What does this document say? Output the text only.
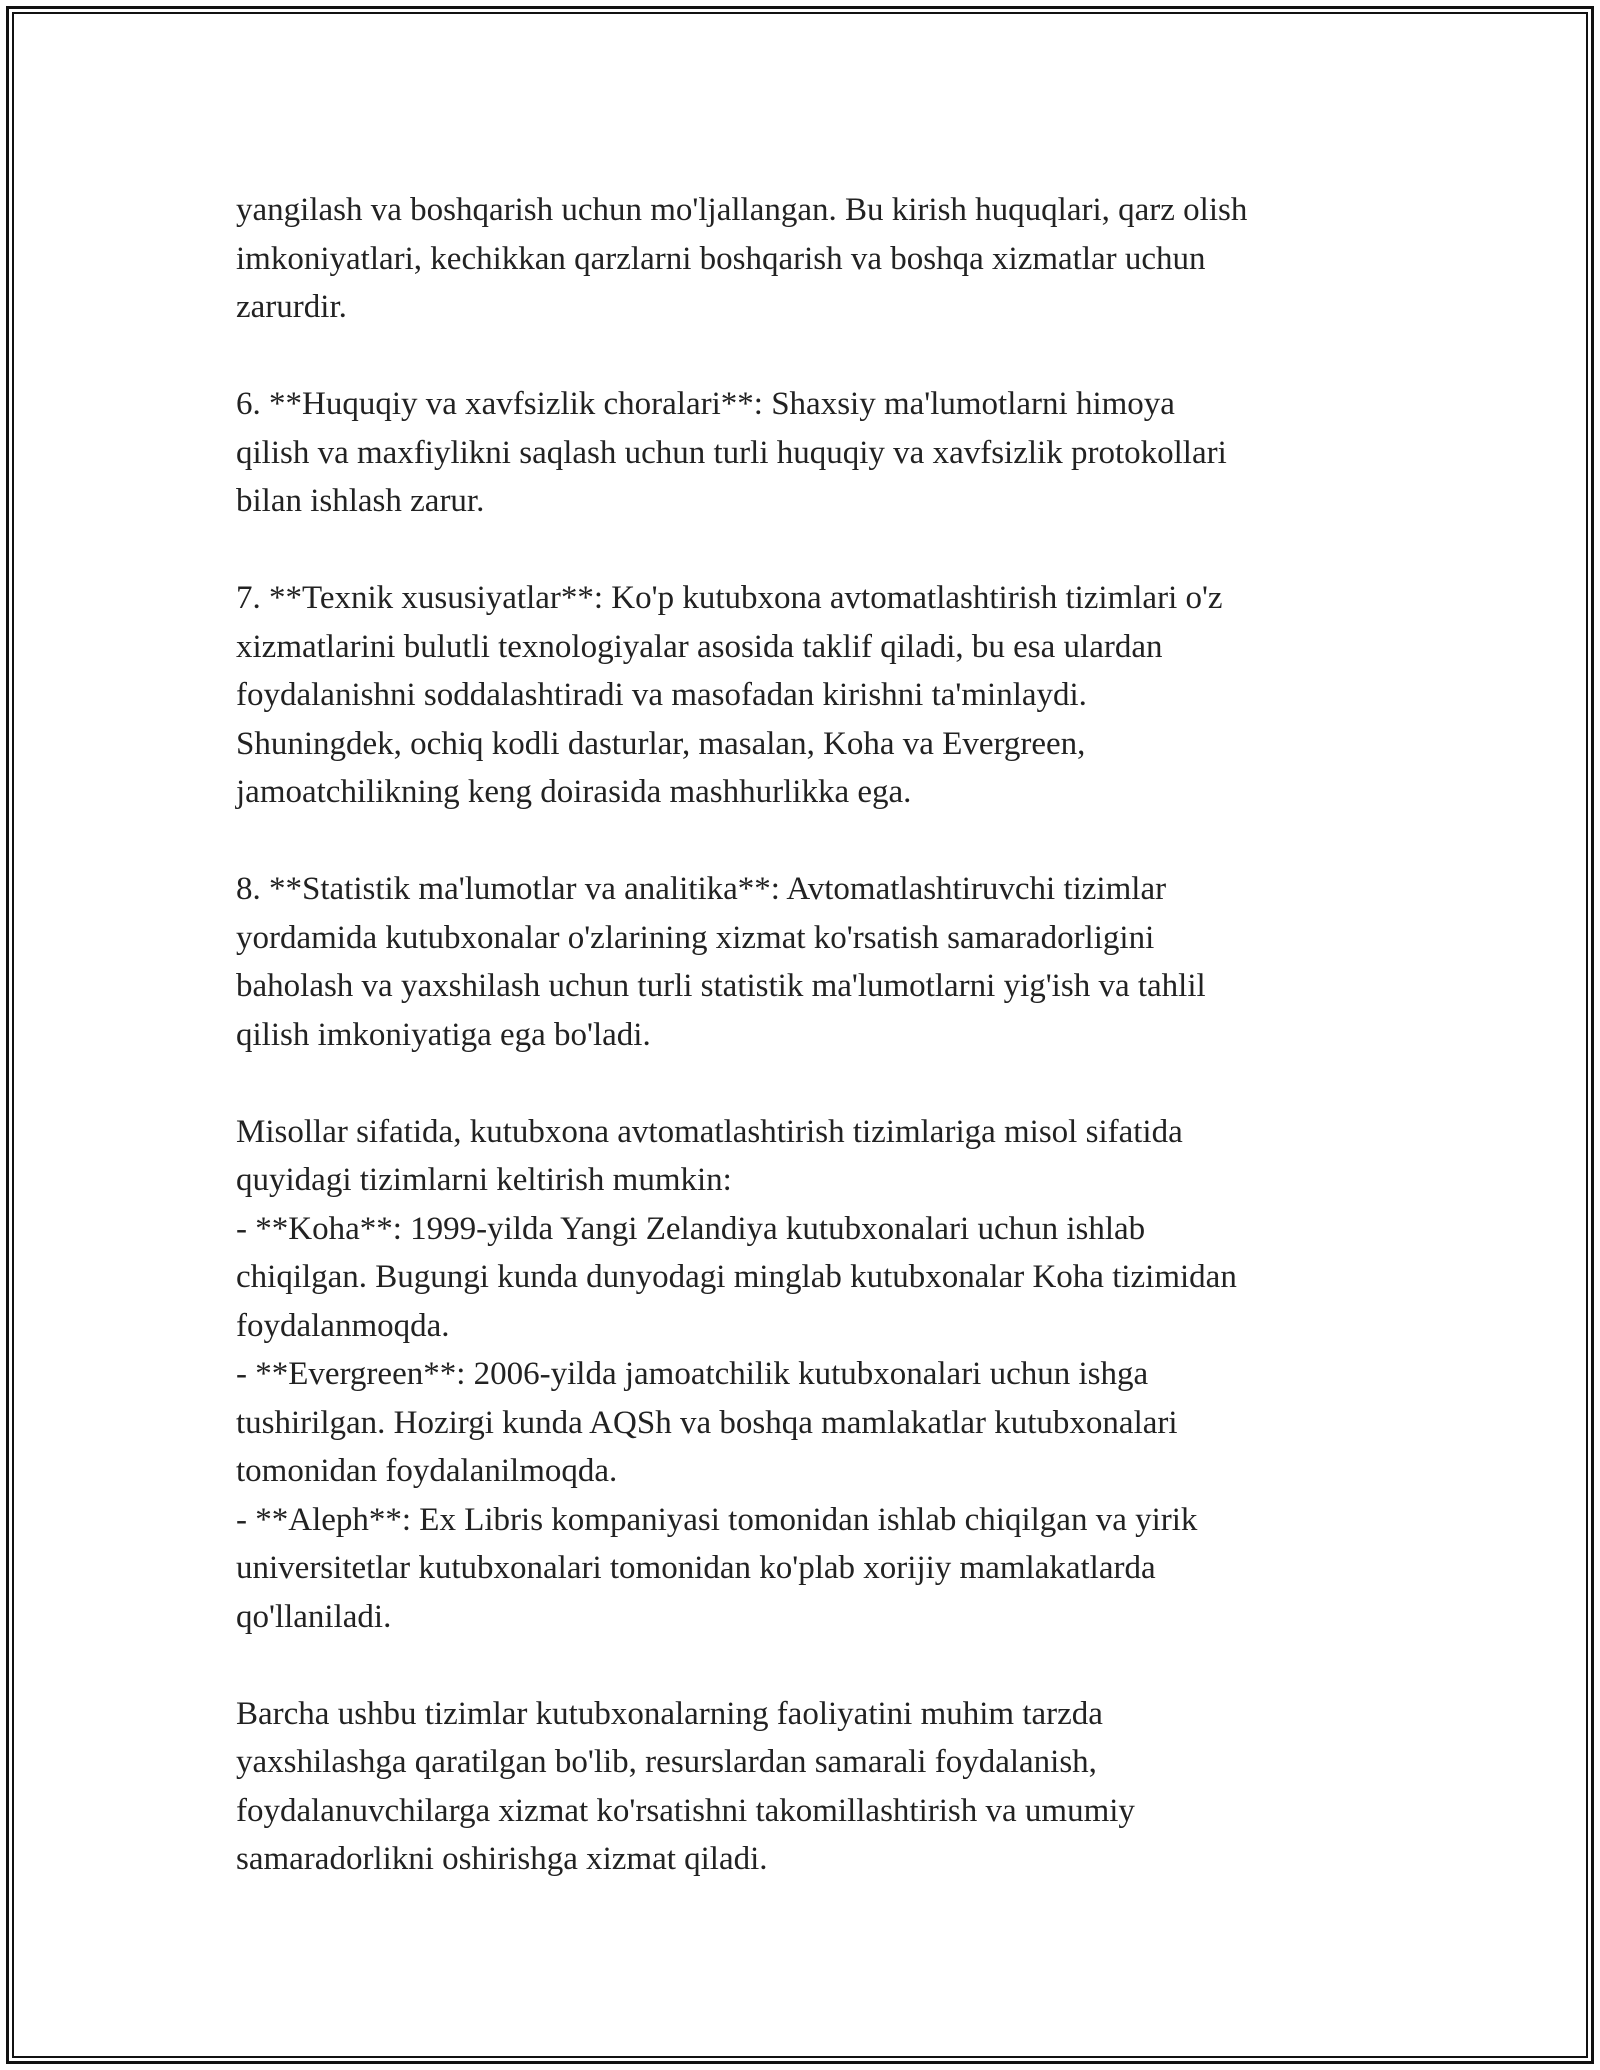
yangilash va boshqarish uchun mo'ljallangan. Bu kirish huquqlari, qarz olish
imkoniyatlari, kechikkan qarzlarni boshqarish va boshqa xizmatlar uchun
zarurdir.
6. **Huquqiy va xavfsizlik choralari**: Shaxsiy ma'lumotlarni himoya
qilish va maxfiylikni saqlash uchun turli huquqiy va xavfsizlik protokollari
bilan ishlash zarur.
7. **Texnik xususiyatlar**: Ko'p kutubxona avtomatlashtirish tizimlari o'z
xizmatlarini bulutli texnologiyalar asosida taklif qiladi, bu esa ulardan
foydalanishni soddalashtiradi va masofadan kirishni ta'minlaydi.
Shuningdek, ochiq kodli dasturlar, masalan, Koha va Evergreen,
jamoatchilikning keng doirasida mashhurlikka ega.
8. **Statistik ma'lumotlar va analitika**: Avtomatlashtiruvchi tizimlar
yordamida kutubxonalar o'zlarining xizmat ko'rsatish samaradorligini
baholash va yaxshilash uchun turli statistik ma'lumotlarni yig'ish va tahlil
qilish imkoniyatiga ega bo'ladi.
Misollar sifatida, kutubxona avtomatlashtirish tizimlariga misol sifatida
quyidagi tizimlarni keltirish mumkin:
- **Koha**: 1999-yilda Yangi Zelandiya kutubxonalari uchun ishlab
chiqilgan. Bugungi kunda dunyodagi minglab kutubxonalar Koha tizimidan
foydalanmoqda.
- **Evergreen**: 2006-yilda jamoatchilik kutubxonalari uchun ishga
tushirilgan. Hozirgi kunda AQSh va boshqa mamlakatlar kutubxonalari
tomonidan foydalanilmoqda.
- **Aleph**: Ex Libris kompaniyasi tomonidan ishlab chiqilgan va yirik
universitetlar kutubxonalari tomonidan ko'plab xorijiy mamlakatlarda
qo'llaniladi.
Barcha ushbu tizimlar kutubxonalarning faoliyatini muhim tarzda
yaxshilashga qaratilgan bo'lib, resurslardan samarali foydalanish,
foydalanuvchilarga xizmat ko'rsatishni takomillashtirish va umumiy
samaradorlikni oshirishga xizmat qiladi.
